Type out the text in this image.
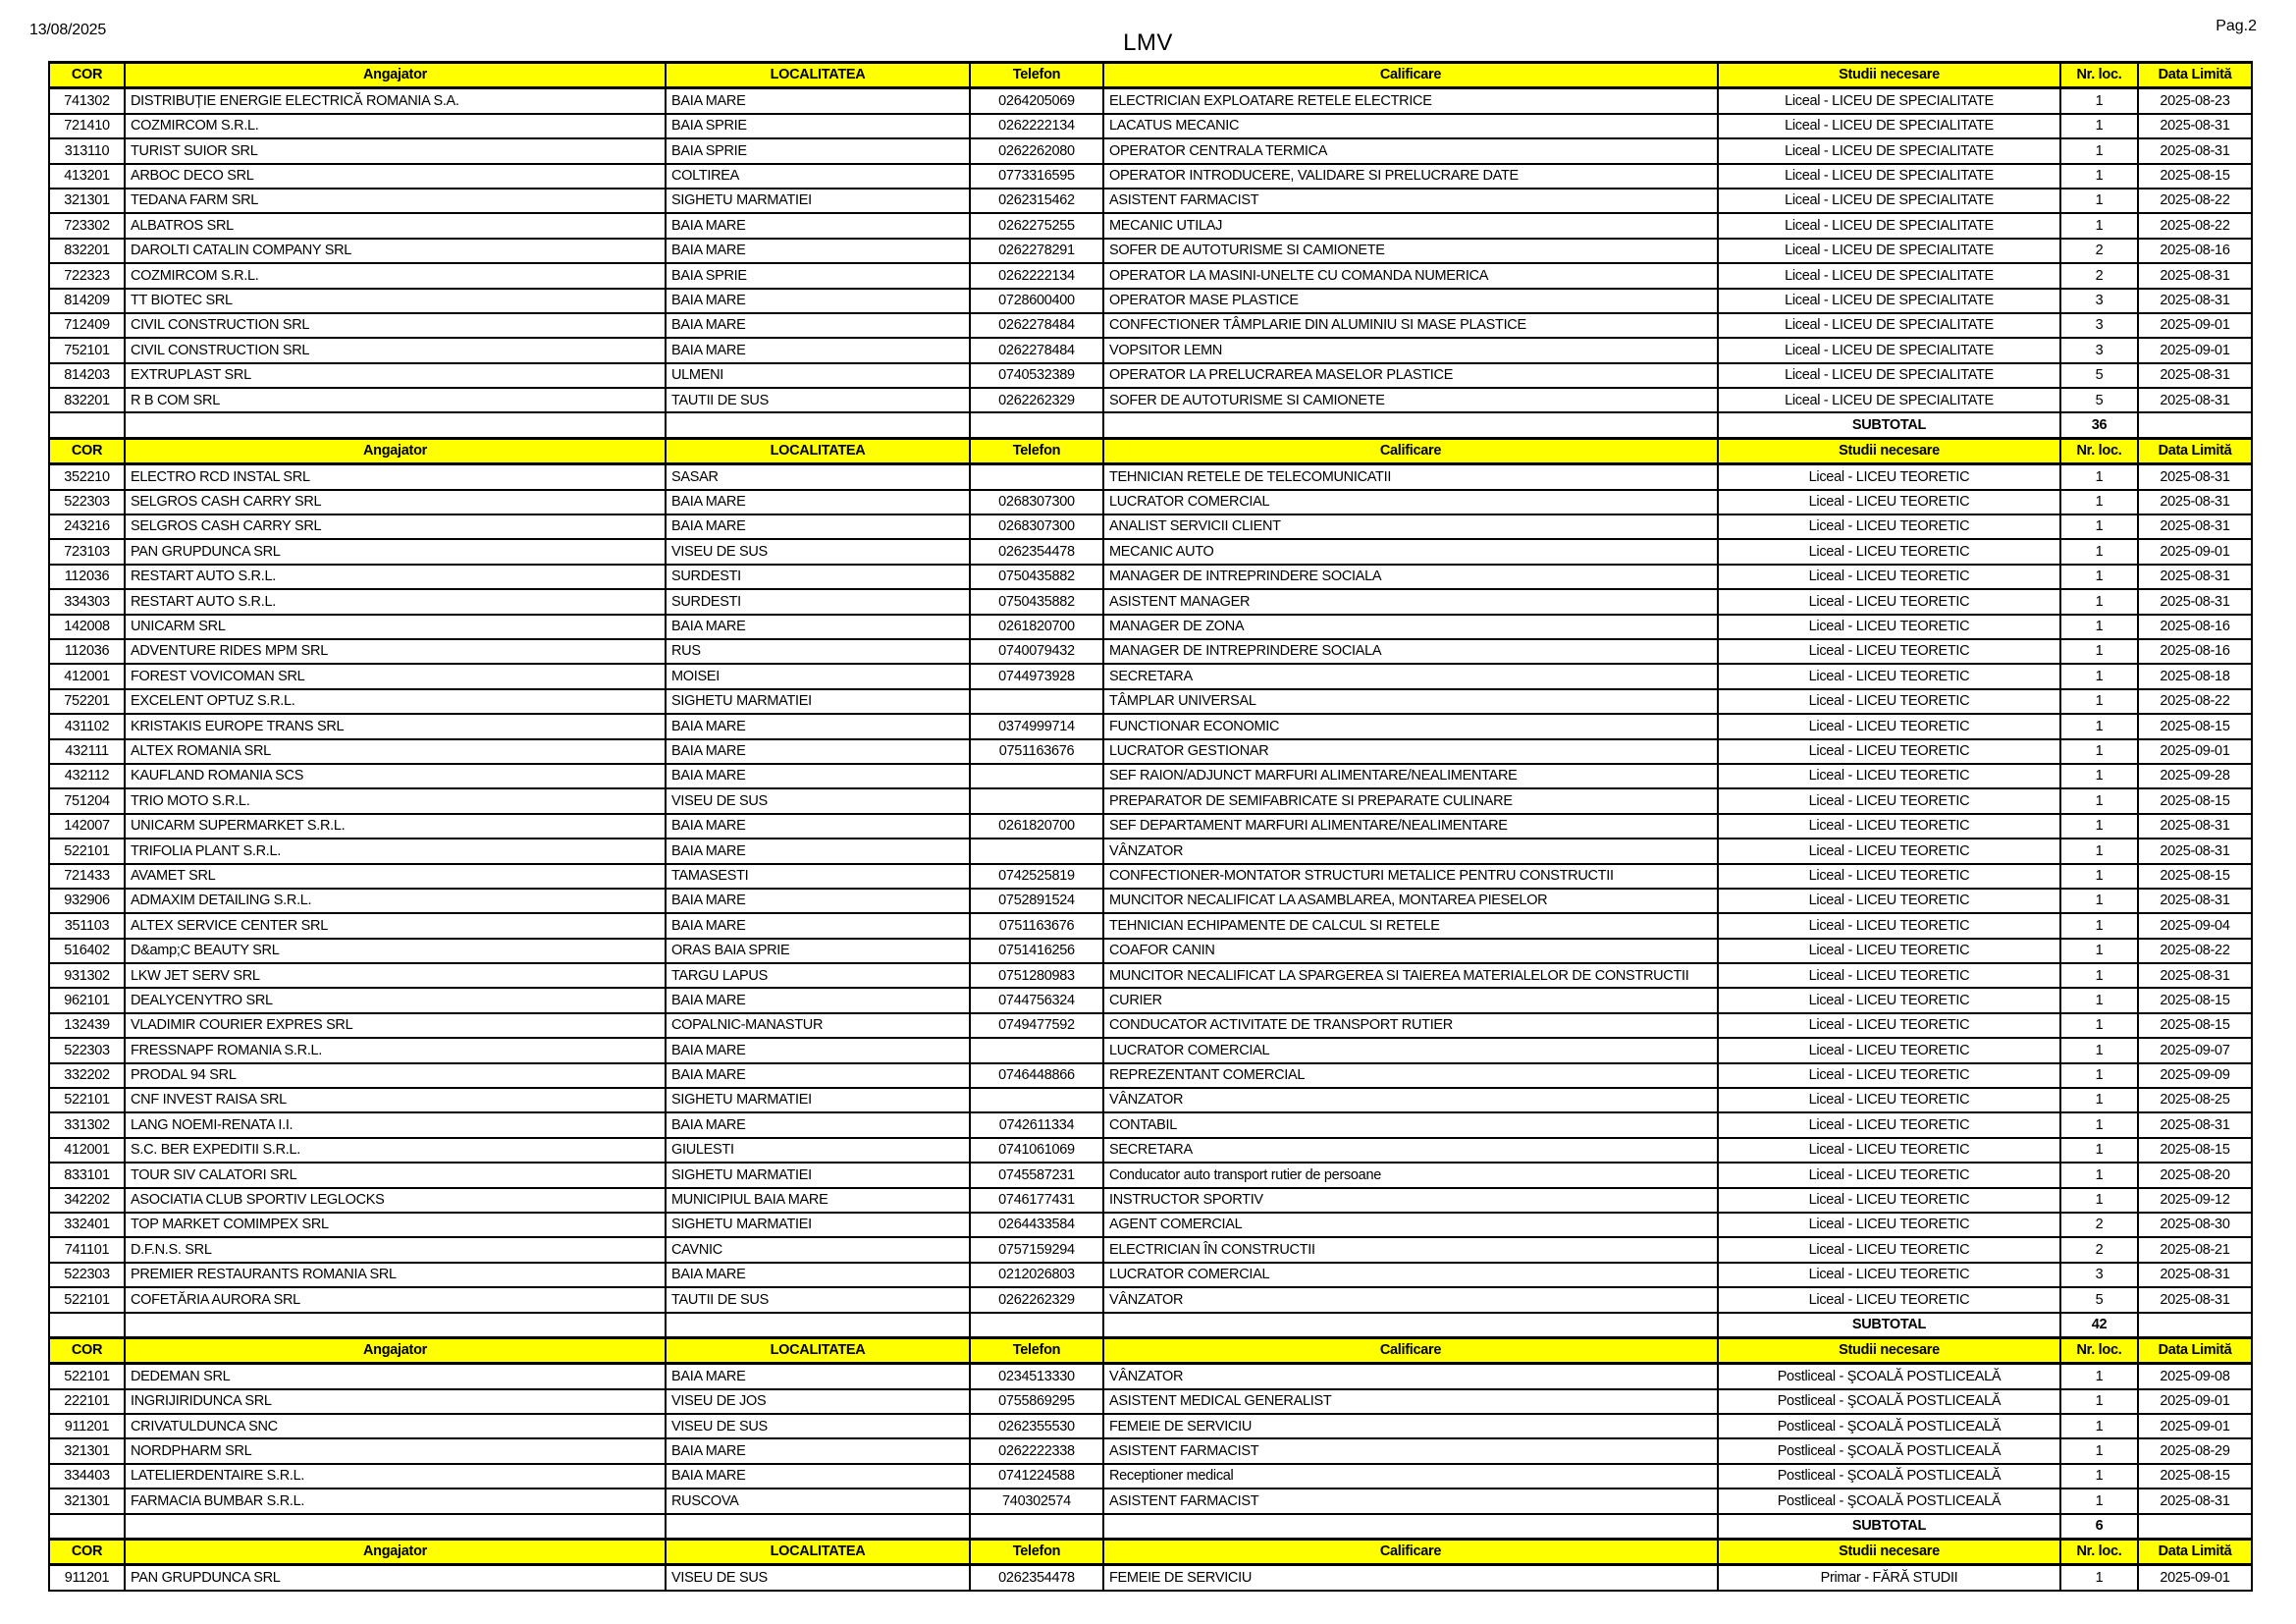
13/08/2025	LMV
Pag.2
COR	Angajator	LOCALITATEA	Telefon	Calificare	Studii necesare	Nr. loc.	Data Limită
741302	DISTRIBUȚIE ENERGIE ELECTRICĂ ROMANIA S.A.	BAIA MARE	0264205069	ELECTRICIAN EXPLOATARE RETELE ELECTRICE	Liceal - LICEU DE SPECIALITATE	1	2025-08-23
721410	COZMIRCOM S.R.L.	BAIA SPRIE	0262222134	LACATUS MECANIC	Liceal - LICEU DE SPECIALITATE	1	2025-08-31
313110	TURIST SUIOR SRL	BAIA SPRIE	0262262080	OPERATOR CENTRALA TERMICA	Liceal - LICEU DE SPECIALITATE	1	2025-08-31
413201	ARBOC DECO SRL	COLTIREA	0773316595	OPERATOR INTRODUCERE, VALIDARE SI PRELUCRARE DATE	Liceal - LICEU DE SPECIALITATE	1	2025-08-15
321301	TEDANA FARM SRL	SIGHETU MARMATIEI	0262315462	ASISTENT FARMACIST	Liceal - LICEU DE SPECIALITATE	1	2025-08-22
723302	ALBATROS SRL	BAIA MARE	0262275255	MECANIC UTILAJ	Liceal - LICEU DE SPECIALITATE	1	2025-08-22
832201	DAROLTI CATALIN COMPANY SRL	BAIA MARE	0262278291	SOFER DE AUTOTURISME SI CAMIONETE	Liceal - LICEU DE SPECIALITATE	2	2025-08-16
722323	COZMIRCOM S.R.L.	BAIA SPRIE	0262222134	OPERATOR LA MASINI-UNELTE CU COMANDA NUMERICA	Liceal - LICEU DE SPECIALITATE	2	2025-08-31
814209	TT BIOTEC SRL	BAIA MARE	0728600400	OPERATOR MASE PLASTICE	Liceal - LICEU DE SPECIALITATE	3	2025-08-31
712409	CIVIL CONSTRUCTION SRL	BAIA MARE	0262278484	CONFECTIONER TÂMPLARIE DIN ALUMINIU SI MASE PLASTICE	Liceal - LICEU DE SPECIALITATE	3	2025-09-01
752101	CIVIL CONSTRUCTION SRL	BAIA MARE	0262278484	VOPSITOR LEMN	Liceal - LICEU DE SPECIALITATE	3	2025-09-01
814203	EXTRUPLAST SRL	ULMENI	0740532389	OPERATOR LA PRELUCRAREA MASELOR PLASTICE	Liceal - LICEU DE SPECIALITATE	5	2025-08-31
832201	R B COM SRL	TAUTII DE SUS	0262262329	SOFER DE AUTOTURISME SI CAMIONETE	Liceal - LICEU DE SPECIALITATE	5	2025-08-31
					SUBTOTAL	36	
COR	Angajator	LOCALITATEA	Telefon	Calificare	Studii necesare	Nr. loc.	Data Limită
352210	ELECTRO RCD INSTAL SRL	SASAR		TEHNICIAN RETELE DE TELECOMUNICATII	Liceal - LICEU TEORETIC	1	2025-08-31
522303	SELGROS CASH CARRY SRL	BAIA MARE	0268307300	LUCRATOR COMERCIAL	Liceal - LICEU TEORETIC	1	2025-08-31
243216	SELGROS CASH CARRY SRL	BAIA MARE	0268307300	ANALIST SERVICII CLIENT	Liceal - LICEU TEORETIC	1	2025-08-31
723103	PAN GRUPDUNCA SRL	VISEU DE SUS	0262354478	MECANIC AUTO	Liceal - LICEU TEORETIC	1	2025-09-01
112036	RESTART AUTO S.R.L.	SURDESTI	0750435882	MANAGER DE INTREPRINDERE SOCIALA	Liceal - LICEU TEORETIC	1	2025-08-31
334303	RESTART AUTO S.R.L.	SURDESTI	0750435882	ASISTENT MANAGER	Liceal - LICEU TEORETIC	1	2025-08-31
142008	UNICARM SRL	BAIA MARE	0261820700	MANAGER DE ZONA	Liceal - LICEU TEORETIC	1	2025-08-16
112036	ADVENTURE RIDES MPM SRL	RUS	0740079432	MANAGER DE INTREPRINDERE SOCIALA	Liceal - LICEU TEORETIC	1	2025-08-16
412001	FOREST VOVICOMAN SRL	MOISEI	0744973928	SECRETARA	Liceal - LICEU TEORETIC	1	2025-08-18
752201	EXCELENT OPTUZ S.R.L.	SIGHETU MARMATIEI		TÂMPLAR UNIVERSAL	Liceal - LICEU TEORETIC	1	2025-08-22
431102	KRISTAKIS EUROPE TRANS SRL	BAIA MARE	0374999714	FUNCTIONAR ECONOMIC	Liceal - LICEU TEORETIC	1	2025-08-15
432111	ALTEX ROMANIA SRL	BAIA MARE	0751163676	LUCRATOR GESTIONAR	Liceal - LICEU TEORETIC	1	2025-09-01
432112	KAUFLAND ROMANIA SCS	BAIA MARE		SEF RAION/ADJUNCT MARFURI ALIMENTARE/NEALIMENTARE	Liceal - LICEU TEORETIC	1	2025-09-28
751204	TRIO MOTO S.R.L.	VISEU DE SUS		PREPARATOR DE SEMIFABRICATE SI PREPARATE CULINARE	Liceal - LICEU TEORETIC	1	2025-08-15
142007	UNICARM SUPERMARKET S.R.L.	BAIA MARE	0261820700	SEF DEPARTAMENT MARFURI ALIMENTARE/NEALIMENTARE	Liceal - LICEU TEORETIC	1	2025-08-31
522101	TRIFOLIA PLANT S.R.L.	BAIA MARE		VÂNZATOR	Liceal - LICEU TEORETIC	1	2025-08-31
721433	AVAMET SRL	TAMASESTI	0742525819	CONFECTIONER-MONTATOR STRUCTURI METALICE PENTRU CONSTRUCTII	Liceal - LICEU TEORETIC	1	2025-08-15
932906	ADMAXIM DETAILING S.R.L.	BAIA MARE	0752891524	MUNCITOR NECALIFICAT LA ASAMBLAREA, MONTAREA PIESELOR	Liceal - LICEU TEORETIC	1	2025-08-31
351103	ALTEX SERVICE CENTER SRL	BAIA MARE	0751163676	TEHNICIAN ECHIPAMENTE DE CALCUL SI RETELE	Liceal - LICEU TEORETIC	1	2025-09-04
516402	D&amp;C BEAUTY SRL	ORAS BAIA SPRIE	0751416256	COAFOR CANIN	Liceal - LICEU TEORETIC	1	2025-08-22
931302	LKW JET SERV SRL	TARGU LAPUS	0751280983	MUNCITOR NECALIFICAT LA SPARGEREA SI TAIEREA MATERIALELOR DE CONSTRUCTII	Liceal - LICEU TEORETIC	1	2025-08-31
962101	DEALYCENYTRO SRL	BAIA MARE	0744756324	CURIER	Liceal - LICEU TEORETIC	1	2025-08-15
132439	VLADIMIR COURIER EXPRES SRL	COPALNIC-MANASTUR	0749477592	CONDUCATOR ACTIVITATE DE TRANSPORT RUTIER	Liceal - LICEU TEORETIC	1	2025-08-15
522303	FRESSNAPF ROMANIA S.R.L.	BAIA MARE		LUCRATOR COMERCIAL	Liceal - LICEU TEORETIC	1	2025-09-07
332202	PRODAL 94 SRL	BAIA MARE	0746448866	REPREZENTANT COMERCIAL	Liceal - LICEU TEORETIC	1	2025-09-09
522101	CNF INVEST RAISA SRL	SIGHETU MARMATIEI		VÂNZATOR	Liceal - LICEU TEORETIC	1	2025-08-25
331302	LANG NOEMI-RENATA I.I.	BAIA MARE	0742611334	CONTABIL	Liceal - LICEU TEORETIC	1	2025-08-31
412001	S.C. BER EXPEDITII S.R.L.	GIULESTI	0741061069	SECRETARA	Liceal - LICEU TEORETIC	1	2025-08-15
833101	TOUR SIV CALATORI SRL	SIGHETU MARMATIEI	0745587231	Conducator auto transport rutier de persoane	Liceal - LICEU TEORETIC	1	2025-08-20
342202	ASOCIATIA CLUB SPORTIV LEGLOCKS	MUNICIPIUL BAIA MARE	0746177431	INSTRUCTOR SPORTIV	Liceal - LICEU TEORETIC	1	2025-09-12
332401	TOP MARKET COMIMPEX SRL	SIGHETU MARMATIEI	0264433584	AGENT COMERCIAL	Liceal - LICEU TEORETIC	2	2025-08-30
741101	D.F.N.S. SRL	CAVNIC	0757159294	ELECTRICIAN ÎN CONSTRUCTII	Liceal - LICEU TEORETIC	2	2025-08-21
522303	PREMIER RESTAURANTS ROMANIA SRL	BAIA MARE	0212026803	LUCRATOR COMERCIAL	Liceal - LICEU TEORETIC	3	2025-08-31
522101	COFETĂRIA AURORA SRL	TAUTII DE SUS	0262262329	VÂNZATOR	Liceal - LICEU TEORETIC	5	2025-08-31
					SUBTOTAL	42	
COR	Angajator	LOCALITATEA	Telefon	Calificare	Studii necesare	Nr. loc.	Data Limită
522101	DEDEMAN SRL	BAIA MARE	0234513330	VÂNZATOR	Postliceal - ŞCOALĂ POSTLICEALĂ	1	2025-09-08
222101	INGRIJIRIDUNCA SRL	VISEU DE JOS	0755869295	ASISTENT MEDICAL GENERALIST	Postliceal - ŞCOALĂ POSTLICEALĂ	1	2025-09-01
911201	CRIVATULDUNCA SNC	VISEU DE SUS	0262355530	FEMEIE DE SERVICIU	Postliceal - ŞCOALĂ POSTLICEALĂ	1	2025-09-01
321301	NORDPHARM SRL	BAIA MARE	0262222338	ASISTENT FARMACIST	Postliceal - ŞCOALĂ POSTLICEALĂ	1	2025-08-29
334403	LATELIERDENTAIRE S.R.L.	BAIA MARE	0741224588	Receptioner medical	Postliceal - ŞCOALĂ POSTLICEALĂ	1	2025-08-15
321301	FARMACIA BUMBAR S.R.L.	RUSCOVA	740302574	ASISTENT FARMACIST	Postliceal - ŞCOALĂ POSTLICEALĂ	1	2025-08-31
					SUBTOTAL	6	
COR	Angajator	LOCALITATEA	Telefon	Calificare	Studii necesare	Nr. loc.	Data Limită
911201	PAN GRUPDUNCA SRL	VISEU DE SUS	0262354478	FEMEIE DE SERVICIU	Primar - FĂRĂ STUDII	1	2025-09-01
